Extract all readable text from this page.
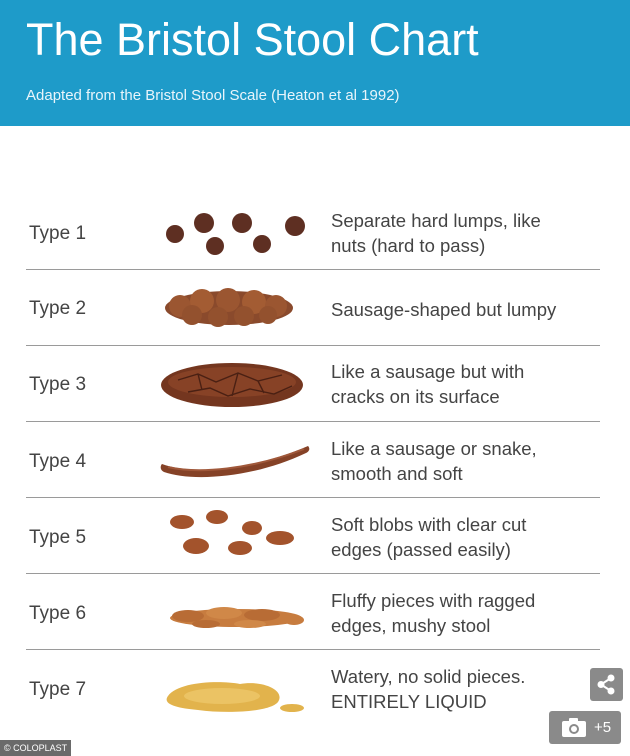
The Bristol Stool Chart
Adapted from the Bristol Stool Scale (Heaton et al 1992)
Type 1
Separate hard lumps, like
nuts (hard to pass)
Type 2	Sausage-shaped but lumpy
Type 3
Like a sausage but with
cracks on its surface
Type 4
Like a sausage or snake,
smooth and soft
Type 5
Soft blobs with clear cut
edges (passed easily)
Type 6
Fluffy pieces with ragged
edges, mushy stool
Type 7
Watery, no solid pieces.
ENTIRELY LIQUID
© COLOPLAST
+5
